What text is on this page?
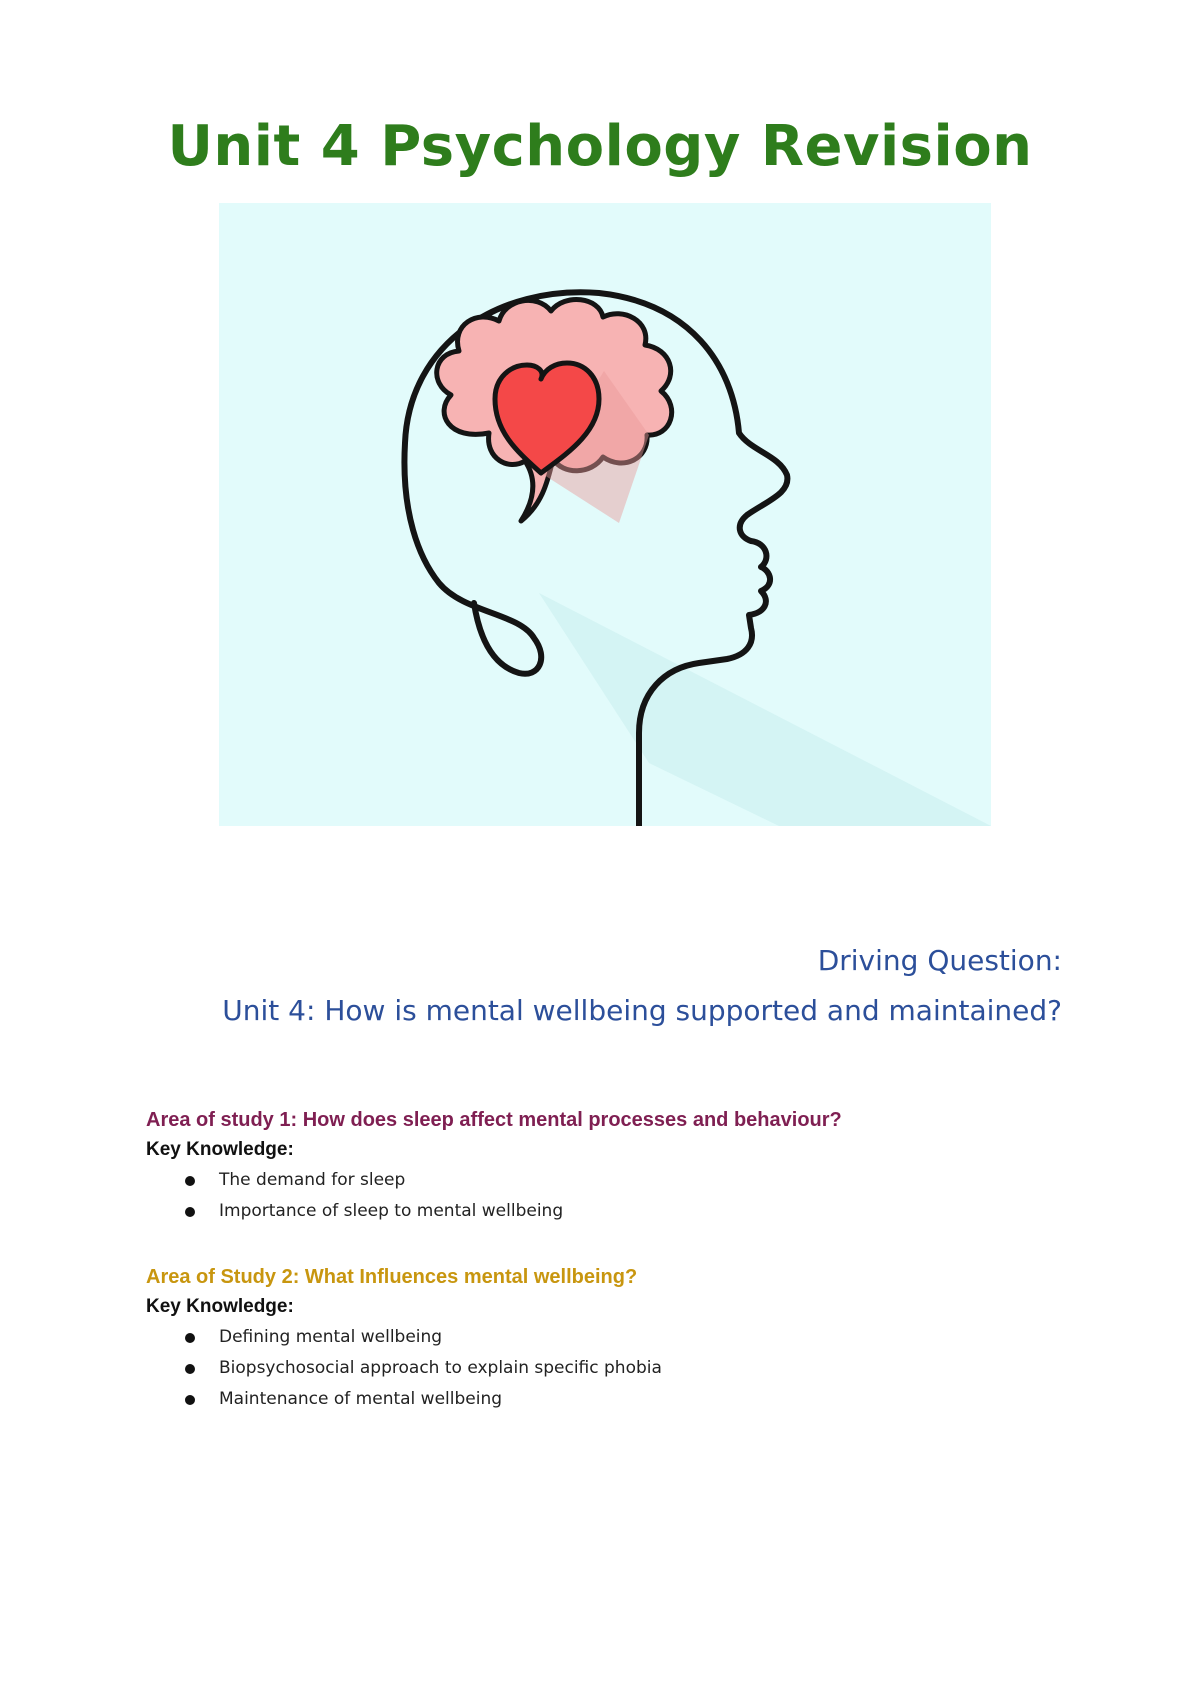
Unit 4 Psychology Revision
Driving Question:
Unit 4: How is mental wellbeing supported and maintained?
Area of study 1: How does sleep affect mental processes and behaviour?
Key Knowledge:
The demand for sleep
Importance of sleep to mental wellbeing
Area of Study 2: What Influences mental wellbeing?
Key Knowledge:
Defining mental wellbeing
Biopsychosocial approach to explain specific phobia
Maintenance of mental wellbeing
